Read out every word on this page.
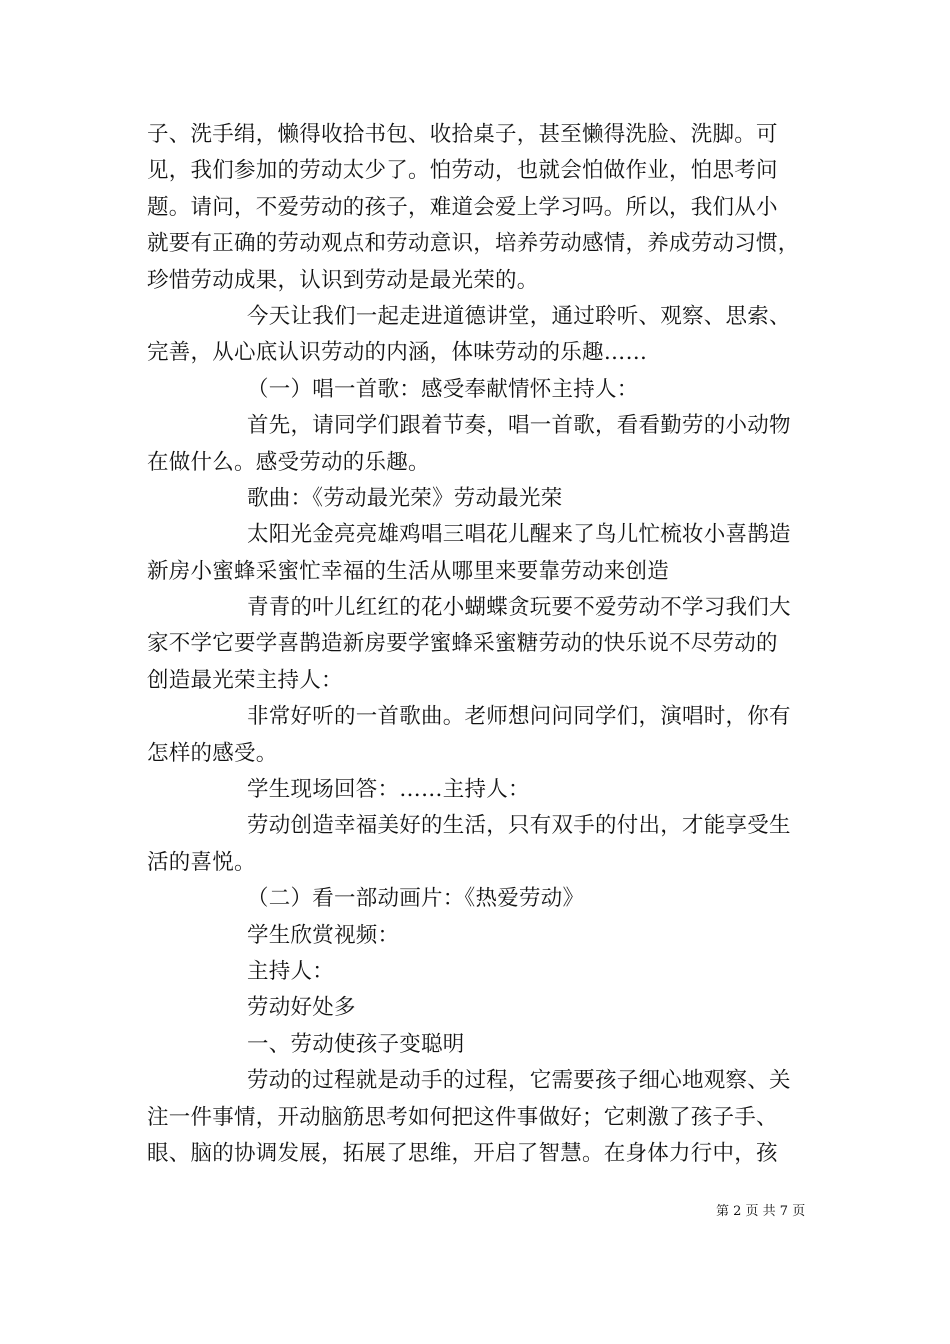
子、洗手绢，懒得收拾书包、收拾桌子，甚至懒得洗脸、洗脚。可
见，我们参加的劳动太少了。怕劳动，也就会怕做作业，怕思考问
题。请问，不爱劳动的孩子，难道会爱上学习吗。所以，我们从小
就要有正确的劳动观点和劳动意识，培养劳动感情，养成劳动习惯，
珍惜劳动成果，认识到劳动是最光荣的。
今天让我们一起走进道德讲堂，通过聆听、观察、思索、
完善，从心底认识劳动的内涵，体味劳动的乐趣……
（一）唱一首歌：感受奉献情怀主持人：
首先，请同学们跟着节奏，唱一首歌，看看勤劳的小动物
在做什么。感受劳动的乐趣。
歌曲：《劳动最光荣》劳动最光荣
太阳光金亮亮雄鸡唱三唱花儿醒来了鸟儿忙梳妆小喜鹊造
新房小蜜蜂采蜜忙幸福的生活从哪里来要靠劳动来创造
青青的叶儿红红的花小蝴蝶贪玩要不爱劳动不学习我们大
家不学它要学喜鹊造新房要学蜜蜂采蜜糖劳动的快乐说不尽劳动的
创造最光荣主持人：
非常好听的一首歌曲。老师想问问同学们，演唱时，你有
怎样的感受。
学生现场回答：……主持人：
劳动创造幸福美好的生活，只有双手的付出，才能享受生
活的喜悦。
（二）看一部动画片：《热爱劳动》
学生欣赏视频：
主持人：
劳动好处多
一、劳动使孩子变聪明
劳动的过程就是动手的过程，它需要孩子细心地观察、关
注一件事情，开动脑筋思考如何把这件事做好；它刺激了孩子手、
眼、脑的协调发展，拓展了思维，开启了智慧。在身体力行中，孩
第 2 页 共 7 页
